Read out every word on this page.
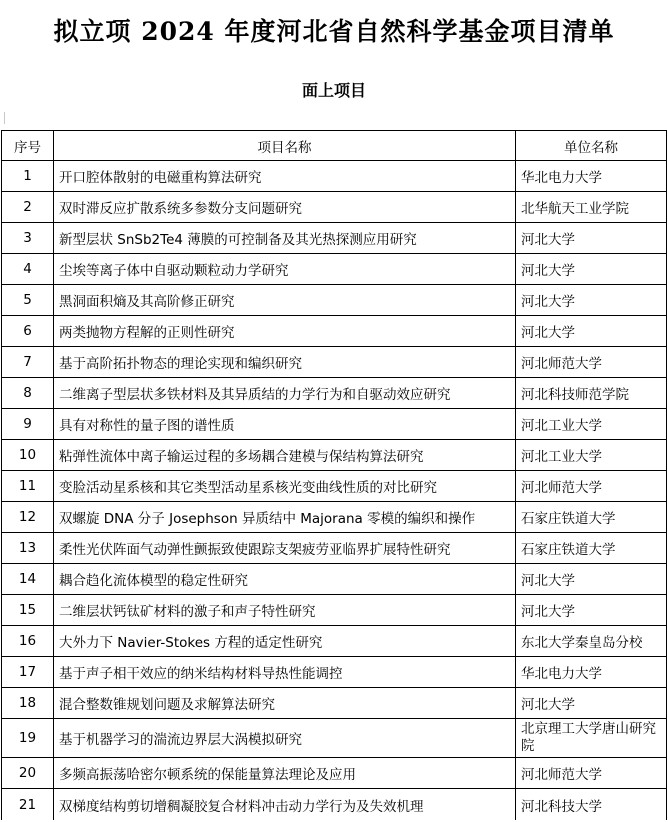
拟立项 2024 年度河北省自然科学基金项目清单
面上项目
序号	项目名称	单位名称
1	开口腔体散射的电磁重构算法研究	华北电力大学
2	双时滞反应扩散系统多参数分支问题研究	北华航天工业学院
3	新型层状 SnSb2Te4 薄膜的可控制备及其光热探测应用研究	河北大学
4	尘埃等离子体中自驱动颗粒动力学研究	河北大学
5	黑洞面积熵及其高阶修正研究	河北大学
6	两类抛物方程解的正则性研究	河北大学
7	基于高阶拓扑物态的理论实现和编织研究	河北师范大学
8	二维离子型层状多铁材料及其异质结的力学行为和自驱动效应研究	河北科技师范学院
9	具有对称性的量子图的谱性质	河北工业大学
10	粘弹性流体中离子输运过程的多场耦合建模与保结构算法研究	河北工业大学
11	变脸活动星系核和其它类型活动星系核光变曲线性质的对比研究	河北师范大学
12	双螺旋 DNA 分子 Josephson 异质结中 Majorana 零模的编织和操作	石家庄铁道大学
13	柔性光伏阵面气动弹性颤振致使跟踪支架疲劳亚临界扩展特性研究	石家庄铁道大学
14	耦合趋化流体模型的稳定性研究	河北大学
15	二维层状钙钛矿材料的激子和声子特性研究	河北大学
16	大外力下 Navier-Stokes 方程的适定性研究	东北大学秦皇岛分校
17	基于声子相干效应的纳米结构材料导热性能调控	华北电力大学
18	混合整数锥规划问题及求解算法研究	河北大学
19	基于机器学习的湍流边界层大涡模拟研究	北京理工大学唐山研究院
20	多频高振荡哈密尔顿系统的保能量算法理论及应用	河北师范大学
21	双梯度结构剪切增稠凝胶复合材料冲击动力学行为及失效机理	河北科技大学
